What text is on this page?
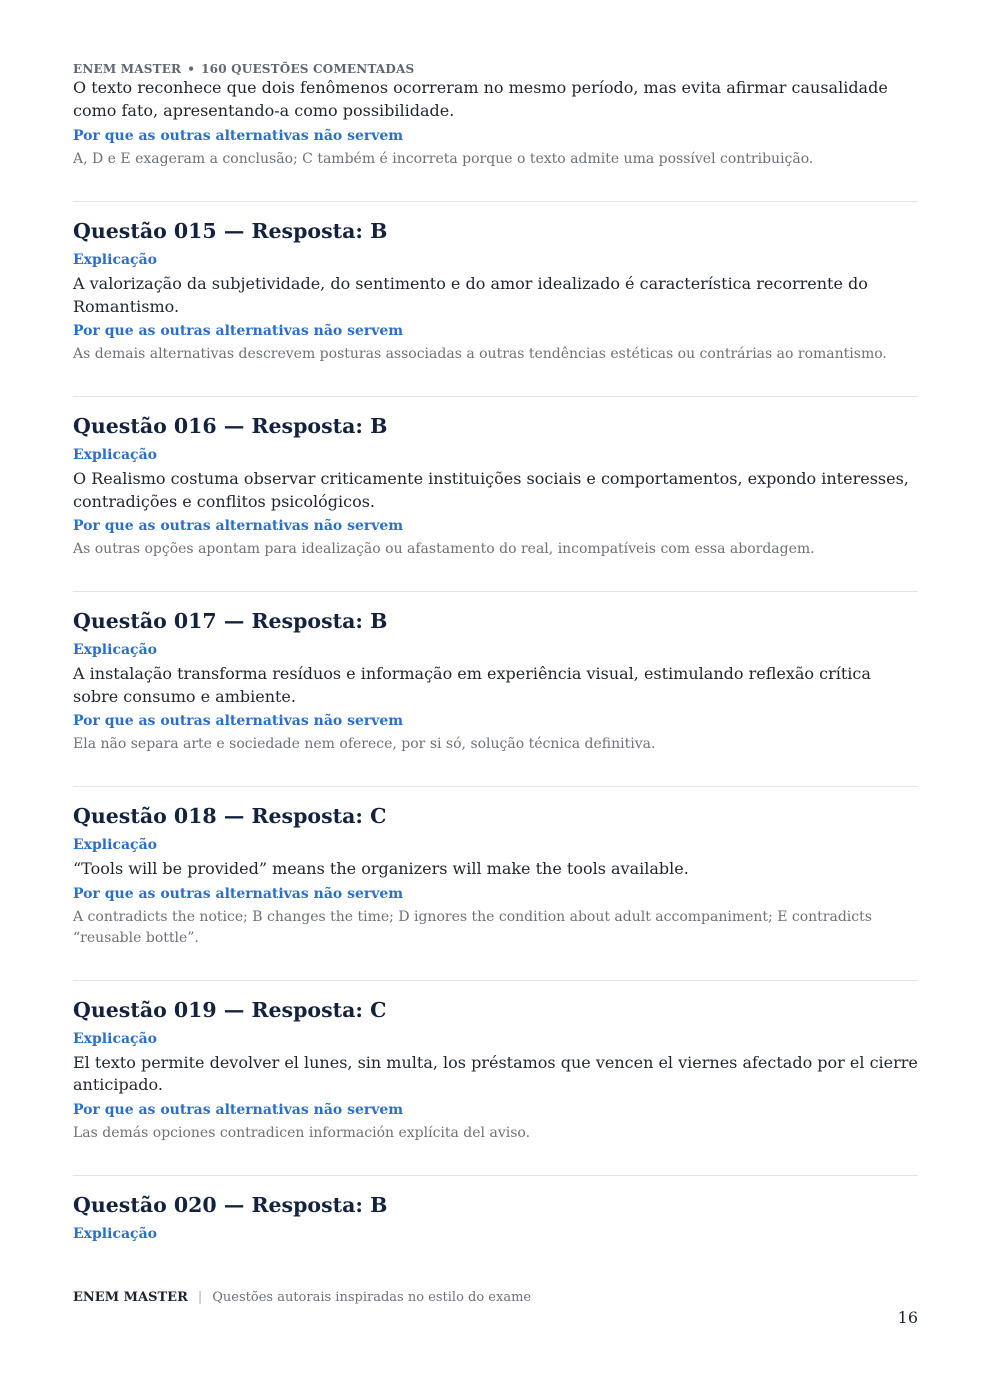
ENEM MASTER • 160 QUESTÕES COMENTADAS

O texto reconhece que dois fenômenos ocorreram no mesmo período, mas evita afirmar causalidade como fato, apresentando-a como possibilidade.

Por que as outras alternativas não servem

A, D e E exageram a conclusão; C também é incorreta porque o texto admite uma possível contribuição.

Questão 015 — Resposta: B

Explicação

A valorização da subjetividade, do sentimento e do amor idealizado é característica recorrente do Romantismo.

Por que as outras alternativas não servem

As demais alternativas descrevem posturas associadas a outras tendências estéticas ou contrárias ao romantismo.

Questão 016 — Resposta: B

Explicação

O Realismo costuma observar criticamente instituições sociais e comportamentos, expondo interesses, contradições e conflitos psicológicos.

Por que as outras alternativas não servem

As outras opções apontam para idealização ou afastamento do real, incompatíveis com essa abordagem.

Questão 017 — Resposta: B

Explicação

A instalação transforma resíduos e informação em experiência visual, estimulando reflexão crítica sobre consumo e ambiente.

Por que as outras alternativas não servem

Ela não separa arte e sociedade nem oferece, por si só, solução técnica definitiva.

Questão 018 — Resposta: C

Explicação

“Tools will be provided” means the organizers will make the tools available.

Por que as outras alternativas não servem

A contradicts the notice; B changes the time; D ignores the condition about adult accompaniment; E contradicts “reusable bottle”.

Questão 019 — Resposta: C

Explicação

El texto permite devolver el lunes, sin multa, los préstamos que vencen el viernes afectado por el cierre anticipado.

Por que as outras alternativas não servem

Las demás opciones contradicen información explícita del aviso.

Questão 020 — Resposta: B

Explicação

ENEM MASTER | Questões autorais inspiradas no estilo do exame
16
